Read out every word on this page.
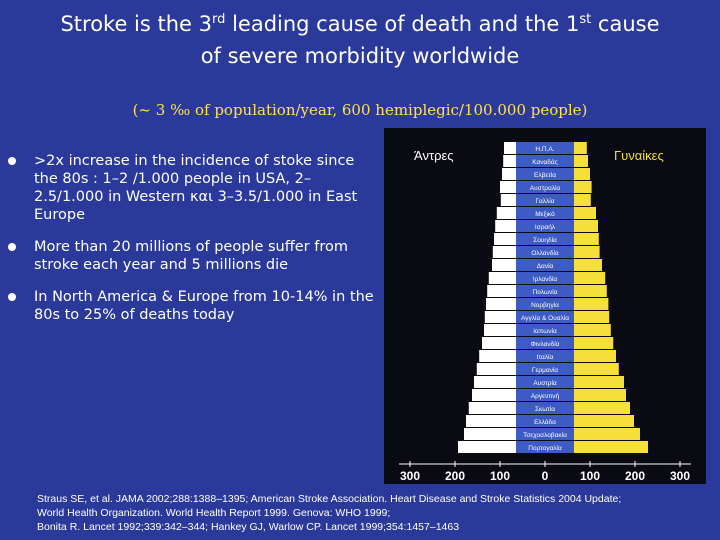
Stroke is the 3rd leading cause of death and the 1st cause
of severe morbidity worldwide
(~ 3 ‰ of population/year, 600 hemiplegic/100.000 people)
>2x increase in the incidence of stoke since the 80s : 1–2 /1.000 people in USA, 2–2.5/1.000 in Western και 3–3.5/1.000 in East Europe
More than 20 millions of people suffer from stroke each year and 5 millions die
In North America & Europe from 10-14% in the 80s to 25% of deaths today
Άντρες	Γυναίκες
Η.Π.Α.
Καναδάς
Ελβετία
Αυστραλία
Γαλλία
Μεξικό
Ισραήλ
Σουηδία
Ολλανδία
Δανία
Ιρλανδία
Πολωνία
Νορβηγία
Αγγλία & Ουαλία
Ιαπωνία
Φινλανδία
Ιταλία
Γερμανία
Αυστρία
Αργεντινή
Σκωτία
Ελλάδα
Τσεχοσλοβακία
Πορτογαλία
300 200 100	0	100 200 300
Straus SE, et al. JAMA 2002;288:1388–1395; American Stroke Association. Heart Disease and Stroke Statistics 2004 Update;
World Health Organization. World Health Report 1999. Genova: WHO 1999;
Bonita R. Lancet 1992;339:342–344; Hankey GJ, Warlow CP. Lancet 1999;354:1457–1463
